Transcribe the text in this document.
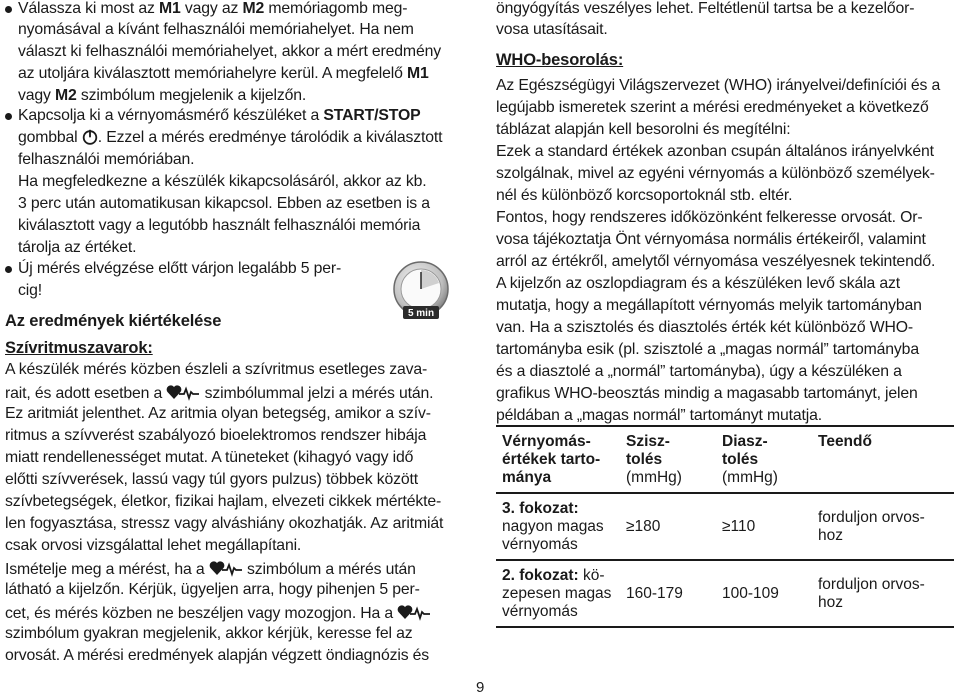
Válassza ki most az M1 vagy az M2 memóriagomb meg-
nyomásával a kívánt felhasználói memóriahelyet. Ha nem
választ ki felhasználói memóriahelyet, akkor a mért eredmény
az utoljára kiválasztott memóriahelyre kerül. A megfelelő M1
vagy M2 szimbólum megjelenik a kijelzőn.
Kapcsolja ki a vérnyomásmérő készüléket a START/STOP
gombbal . Ezzel a mérés eredménye tárolódik a kiválasztott
felhasználói memóriában.
Ha megfeledkezne a készülék kikapcsolásáról, akkor az kb.
3 perc után automatikusan kikapcsol. Ebben az esetben is a
kiválasztott vagy a legutóbb használt felhasználói memória
tárolja az értéket.
Új mérés elvégzése előtt várjon legalább 5 per-
cig!
5 min
Az eredmények kiértékelése
Szívritmuszavarok:
A készülék mérés közben észleli a szívritmus esetleges zava-
rait, és adott esetben a	szimbólummal jelzi a mérés után.
Ez aritmiát jelenthet. Az aritmia olyan betegség, amikor a szív-
ritmus a szívverést szabályozó bioelektromos rendszer hibája
miatt rendellenességet mutat. A tüneteket (kihagyó vagy idő
előtti szívverések, lassú vagy túl gyors pulzus) többek között
szívbetegségek, életkor, fizikai hajlam, elvezeti cikkek mértékte-
len fogyasztása, stressz vagy alváshiány okozhatják. Az aritmiát
csak orvosi vizsgálattal lehet megállapítani.
Ismételje meg a mérést, ha a	szimbólum a mérés után
látható a kijelzőn. Kérjük, ügyeljen arra, hogy pihenjen 5 per-
cet, és mérés közben ne beszéljen vagy mozogjon. Ha a
szimbólum gyakran megjelenik, akkor kérjük, keresse fel az
orvosát. A mérési eredmények alapján végzett öndiagnózis és
öngyógyítás veszélyes lehet. Feltétlenül tartsa be a kezelőor-
vosa utasításait.
WHO-besorolás:
Az Egészségügyi Világszervezet (WHO) irányelvei/definíciói és a
legújabb ismeretek szerint a mérési eredményeket a következő
táblázat alapján kell besorolni és megítélni:
Ezek a standard értékek azonban csupán általános irányelvként
szolgálnak, mivel az egyéni vérnyomás a különböző személyek-
nél és különböző korcsoportoknál stb. eltér.
Fontos, hogy rendszeres időközönként felkeresse orvosát. Or-
vosa tájékoztatja Önt vérnyomása normális értékeiről, valamint
arról az értékről, amelytől vérnyomása veszélyesnek tekintendő.
A kijelzőn az oszlopdiagram és a készüléken levő skála azt
mutatja, hogy a megállapított vérnyomás melyik tartományban
van. Ha a szisztolés és diasztolés érték két különböző WHO-
tartományba esik (pl. szisztolé a „magas normál” tartományba
és a diasztolé a „normál” tartományba), úgy a készüléken a
grafikus WHO-beosztás mindig a magasabb tartományt, jelen
példában a „magas normál” tartományt mutatja.
Vérnyomás-
értékek tarto-
mánya	Szisz-
tolés
(mmHg)	Diasz-
tolés
(mmHg)	Teendő
3. fokozat:
nagyon magas
vérnyomás	≥180	≥110	forduljon orvos-
hoz
2. fokozat: kö-
zepesen magas
vérnyomás	160-179	100-109	forduljon orvos-
hoz
9
